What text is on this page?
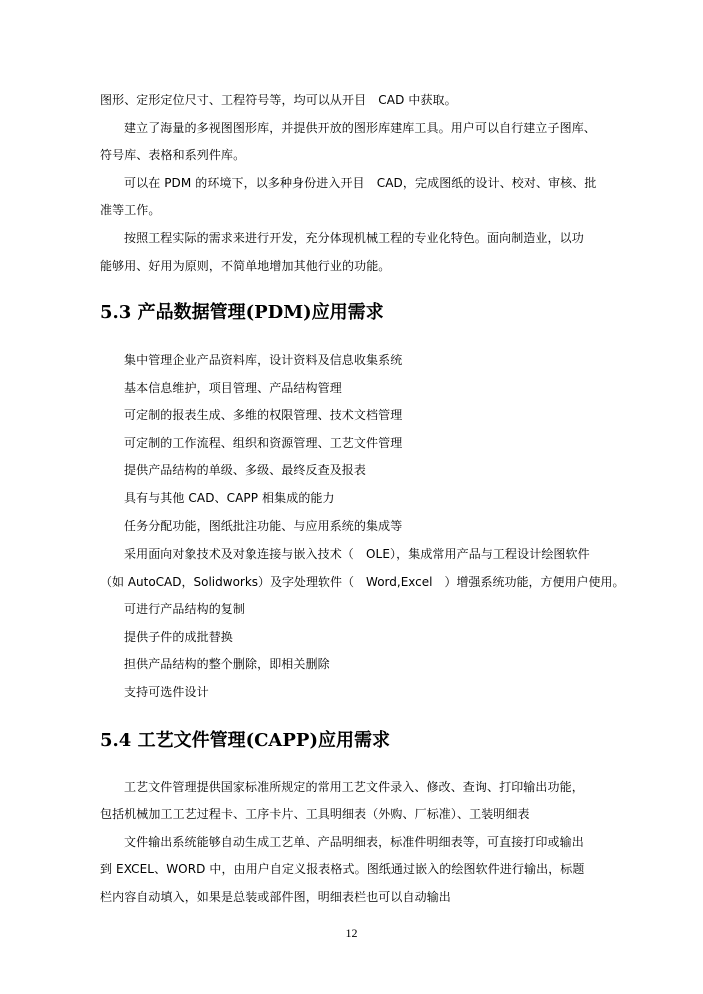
图形、定形定位尺寸、工程符号等，均可以从开目　CAD 中获取。
建立了海量的多视图图形库，并提供开放的图形库建库工具。用户可以自行建立子图库、
符号库、表格和系列件库。
可以在 PDM 的环境下，以多种身份进入开目　CAD，完成图纸的设计、校对、审核、批
准等工作。
按照工程实际的需求来进行开发，充分体现机械工程的专业化特色。面向制造业，以功
能够用、好用为原则，不简单地增加其他行业的功能。
5.3 产品数据管理(PDM)应用需求
集中管理企业产品资料库，设计资料及信息收集系统
基本信息维护，项目管理、产品结构管理
可定制的报表生成、多维的权限管理、技术文档管理
可定制的工作流程、组织和资源管理、工艺文件管理
提供产品结构的单级、多级、最终反查及报表
具有与其他 CAD、CAPP 相集成的能力
任务分配功能，图纸批注功能、与应用系统的集成等
采用面向对象技术及对象连接与嵌入技术（　OLE），集成常用产品与工程设计绘图软件
（如 AutoCAD，Solidworks）及字处理软件（　Word,Excel　）增强系统功能，方便用户使用。
可进行产品结构的复制
提供子件的成批替换
担供产品结构的整个删除，即相关删除
支持可选件设计
5.4 工艺文件管理(CAPP)应用需求
工艺文件管理提供国家标准所规定的常用工艺文件录入、修改、查询、打印输出功能，
包括机械加工工艺过程卡、工序卡片、工具明细表（外购、厂标准）、工装明细表
文件输出系统能够自动生成工艺单、产品明细表，标准件明细表等，可直接打印或输出
到 EXCEL、WORD 中，由用户自定义报表格式。图纸通过嵌入的绘图软件进行输出，标题
栏内容自动填入，如果是总装或部件图，明细表栏也可以自动输出
12
